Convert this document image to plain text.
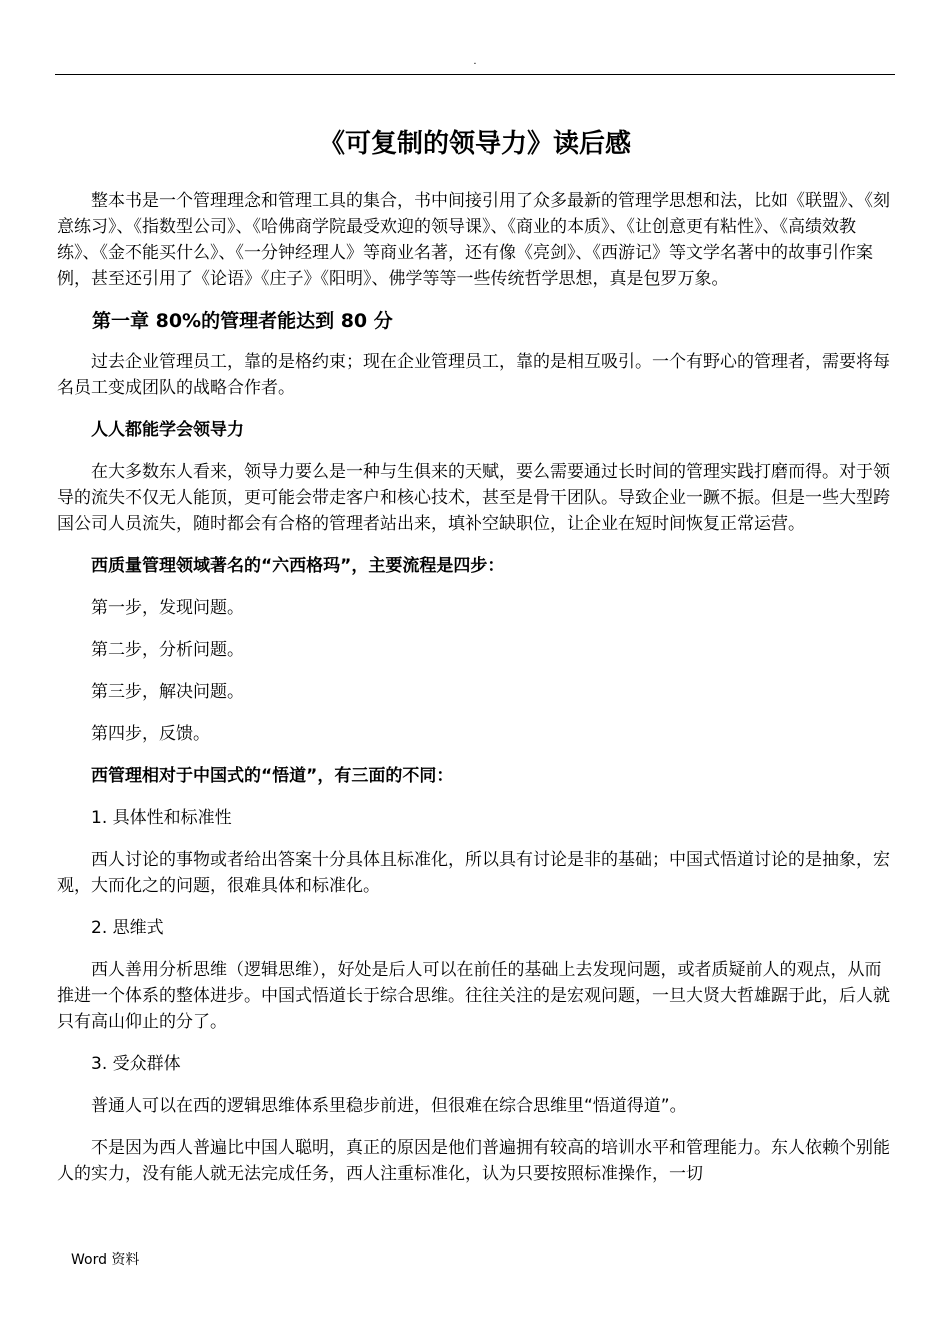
.
《可复制的领导力》读后感

整本书是一个管理理念和管理工具的集合，书中间接引用了众多最新的管理学思想和法，比如《联盟》、《刻意练习》、《指数型公司》、《哈佛商学院最受欢迎的领导课》、《商业的本质》、《让创意更有粘性》、《高绩效教练》、《金不能买什么》、《一分钟经理人》等商业名著，还有像《亮剑》、《西游记》等文学名著中的故事引作案例，甚至还引用了《论语》《庄子》《阳明》、佛学等等一些传统哲学思想，真是包罗万象。

第一章 80%的管理者能达到 80 分

过去企业管理员工，靠的是格约束；现在企业管理员工，靠的是相互吸引。一个有野心的管理者，需要将每名员工变成团队的战略合作者。

人人都能学会领导力

在大多数东人看来，领导力要么是一种与生俱来的天赋，要么需要通过长时间的管理实践打磨而得。对于领导的流失不仅无人能顶，更可能会带走客户和核心技术，甚至是骨干团队。导致企业一蹶不振。但是一些大型跨国公司人员流失，随时都会有合格的管理者站出来，填补空缺职位，让企业在短时间恢复正常运营。

西质量管理领域著名的“六西格玛”，主要流程是四步：

第一步，发现问题。

第二步，分析问题。

第三步，解决问题。

第四步，反馈。

西管理相对于中国式的“悟道”，有三面的不同：

1. 具体性和标准性

西人讨论的事物或者给出答案十分具体且标准化，所以具有讨论是非的基础；中国式悟道讨论的是抽象，宏观，大而化之的问题，很难具体和标准化。

2. 思维式

西人善用分析思维（逻辑思维），好处是后人可以在前任的基础上去发现问题，或者质疑前人的观点，从而推进一个体系的整体进步。中国式悟道长于综合思维。往往关注的是宏观问题，一旦大贤大哲雄踞于此，后人就只有高山仰止的分了。

3. 受众群体

普通人可以在西的逻辑思维体系里稳步前进，但很难在综合思维里“悟道得道”。

不是因为西人普遍比中国人聪明，真正的原因是他们普遍拥有较高的培训水平和管理能力。东人依赖个别能人的实力，没有能人就无法完成任务，西人注重标准化，认为只要按照标准操作，一切

Word 资料
